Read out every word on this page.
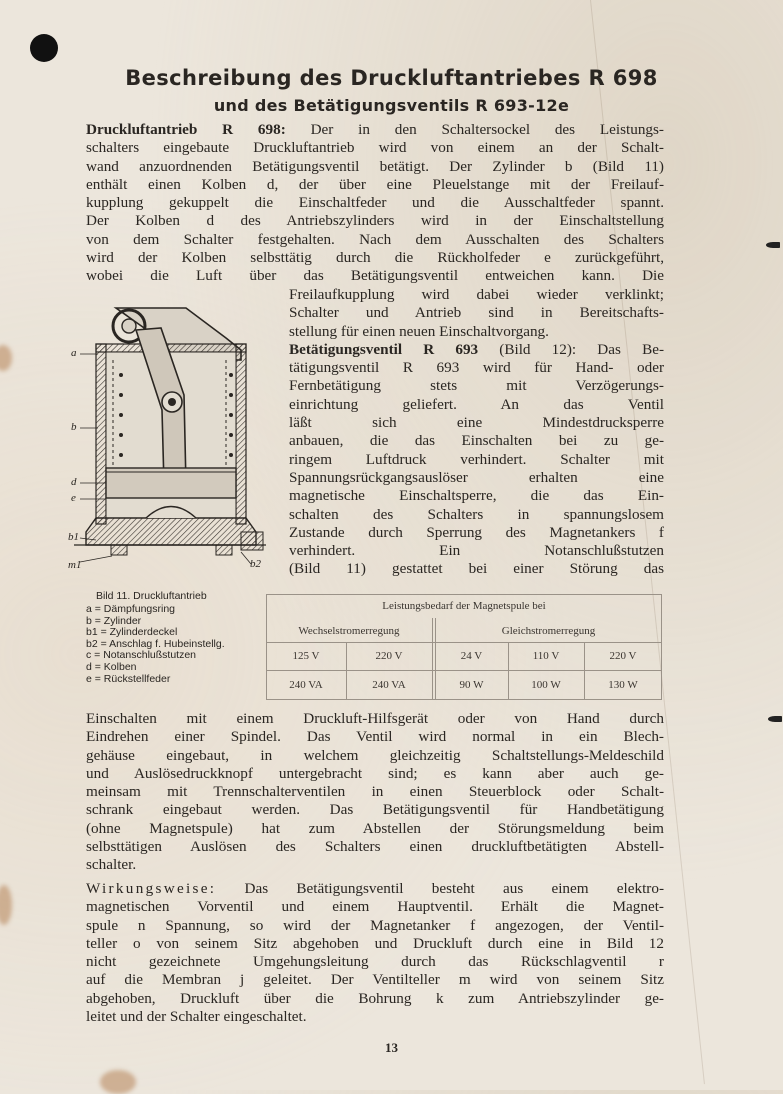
Beschreibung des Druckluftantriebes R 698
und des Betätigungsventils R 693-12e
Druckluftantrieb R 698: Der in den Schaltersockel des Leistungs-
schalters eingebaute Druckluftantrieb wird von einem an der Schalt-
wand anzuordnenden Betätigungsventil betätigt. Der Zylinder b (Bild 11)
enthält einen Kolben d, der über eine Pleuelstange mit der Freilauf-
kupplung gekuppelt die Einschaltfeder und die Ausschaltfeder spannt.
Der Kolben d des Antriebszylinders wird in der Einschaltstellung
von dem Schalter festgehalten. Nach dem Ausschalten des Schalters
wird der Kolben selbsttätig durch die Rückholfeder e zurückgeführt,
wobei die Luft über das Betätigungsventil entweichen kann. Die
Freilaufkupplung wird dabei wieder verklinkt;
Schalter und Antrieb sind in Bereitschafts-
stellung für einen neuen Einschaltvorgang.
Betätigungsventil R 693 (Bild 12): Das Be-
tätigungsventil R 693 wird für Hand- oder
Fernbetätigung stets mit Verzögerungs-
einrichtung geliefert. An das Ventil
läßt sich eine Mindestdrucksperre
anbauen, die das Einschalten bei zu ge-
ringem Luftdruck verhindert. Schalter mit
Spannungsrückgangsauslöser erhalten eine
magnetische Einschaltsperre, die das Ein-
schalten des Schalters in spannungslosem
Zustande durch Sperrung des Magnetankers f
verhindert. Ein Notanschlußstutzen
(Bild 11) gestattet bei einer Störung das
a
b
d
e
b1
m1	b2
Bild 11. Druckluftantrieb
a = Dämpfungsring
b = Zylinder
b1 = Zylinderdeckel
b2 = Anschlag f. Hubeinstellg.
c = Notanschlußstutzen
d = Kolben
e = Rückstellfeder
Leistungsbedarf der Magnetspule bei
Wechselstromerregung	Gleichstromerregung
125 V	220 V	24 V	110 V	220 V
240 VA	240 VA	90 W	100 W	130 W
Einschalten mit einem Druckluft-Hilfsgerät oder von Hand durch
Eindrehen einer Spindel. Das Ventil wird normal in ein Blech-
gehäuse eingebaut, in welchem gleichzeitig Schaltstellungs-Meldeschild
und Auslösedruckknopf untergebracht sind; es kann aber auch ge-
meinsam mit Trennschalterventilen in einen Steuerblock oder Schalt-
schrank eingebaut werden. Das Betätigungsventil für Handbetätigung
(ohne Magnetspule) hat zum Abstellen der Störungsmeldung beim
selbsttätigen Auslösen des Schalters einen druckluftbetätigten Abstell-
schalter.
Wirkungsweise: Das Betätigungsventil besteht aus einem elektro-
magnetischen Vorventil und einem Hauptventil. Erhält die Magnet-
spule n Spannung, so wird der Magnetanker f angezogen, der Ventil-
teller o von seinem Sitz abgehoben und Druckluft durch eine in Bild 12
nicht gezeichnete Umgehungsleitung durch das Rückschlagventil r
auf die Membran j geleitet. Der Ventilteller m wird von seinem Sitz
abgehoben, Druckluft über die Bohrung k zum Antriebszylinder ge-
leitet und der Schalter eingeschaltet.
13
